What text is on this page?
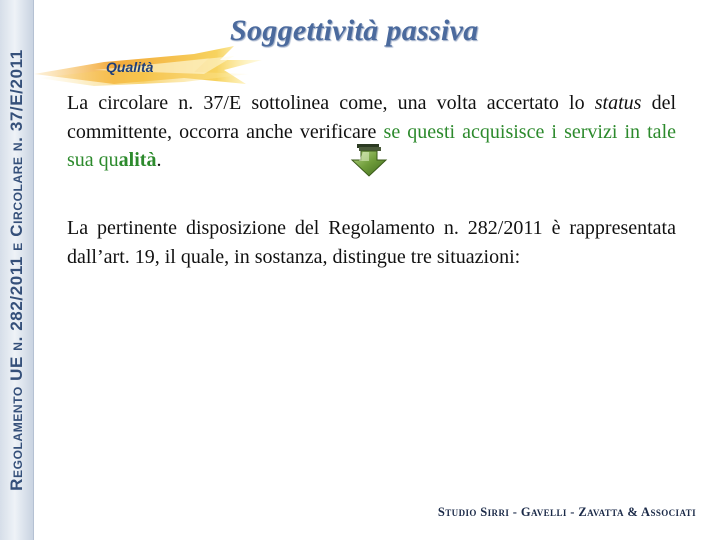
Regolamento UE n. 282/2011 e Circolare n. 37/E/2011
Soggettività passiva
Qualità
La circolare n. 37/E sottolinea come, una volta accertato lo status del committente, occorra anche verificare se questi acquisisce i servizi in tale sua qualità.
La pertinente disposizione del Regolamento n. 282/2011 è rappresentata dall’art. 19, il quale, in sostanza, distingue tre situazioni:
Studio Sirri - Gavelli - Zavatta & Associati
